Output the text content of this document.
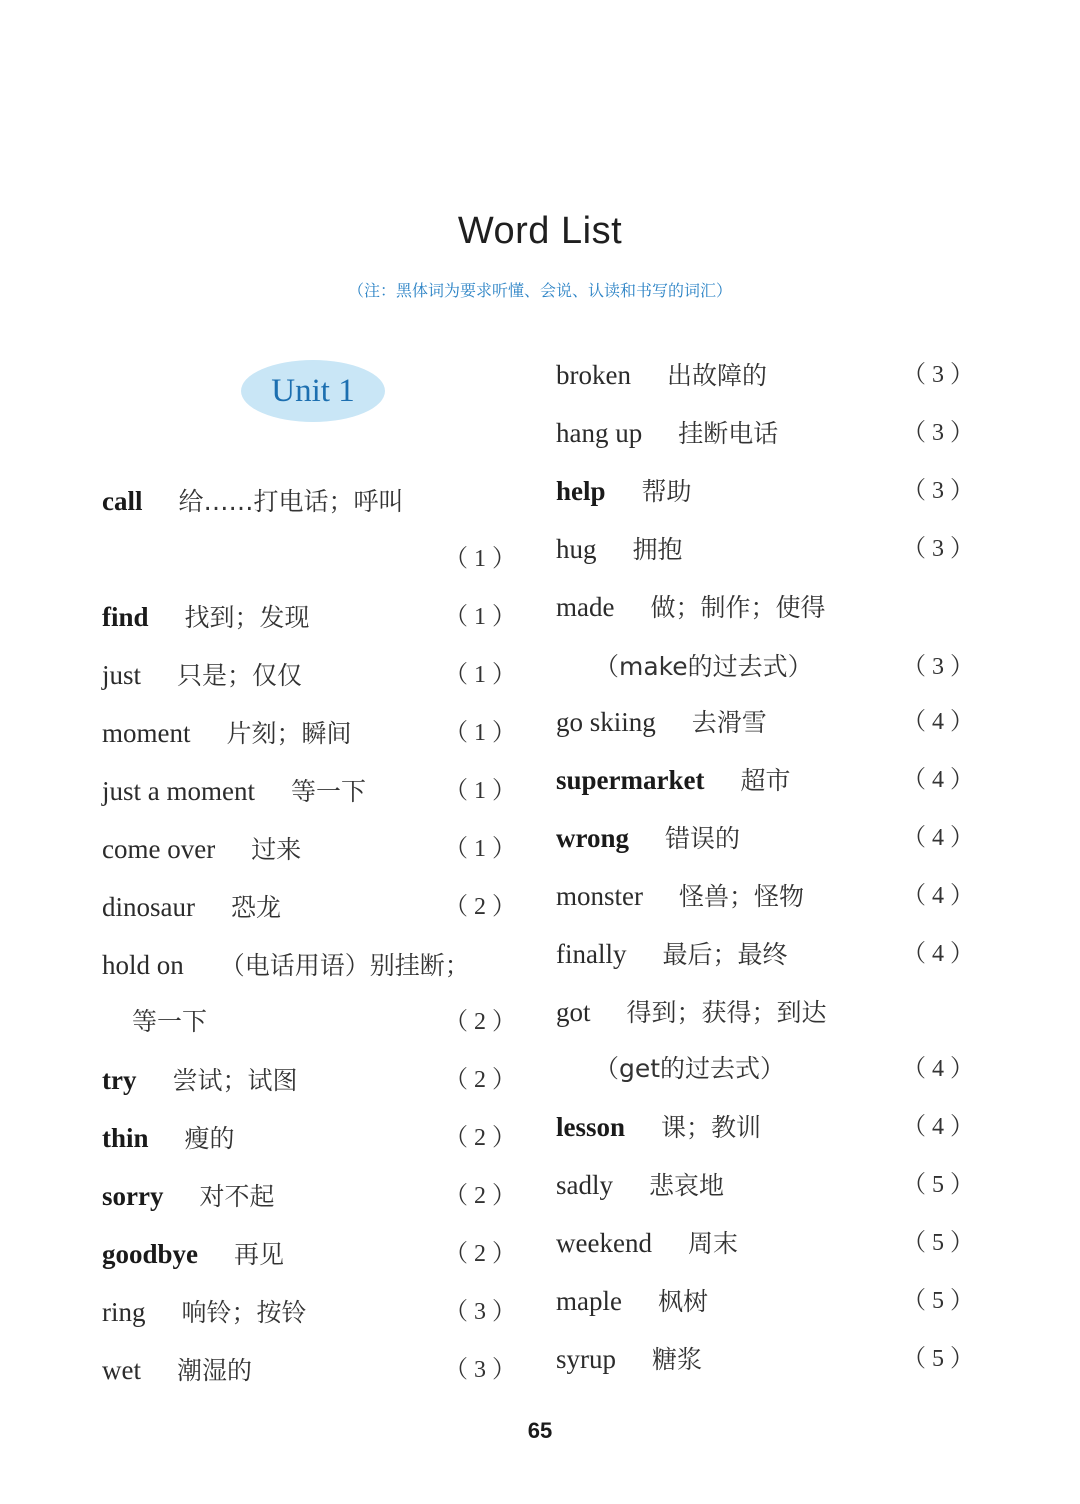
Word List
（注：黑体词为要求听懂、会说、认读和书写的词汇）
Unit 1
call 给……打电话；呼叫
（1）
find 找到；发现	（1）
just 只是；仅仅	（1）
moment 片刻；瞬间	（1）
just a moment 等一下	（1）
come over 过来	（1）
dinosaur 恐龙	（2）
hold on （电话用语）别挂断；
等一下	（2）
try 尝试；试图	（2）
thin 瘦的	（2）
sorry 对不起	（2）
goodbye 再见	（2）
ring 响铃；按铃	（3）
wet 潮湿的	（3）
broken 出故障的	（3）
hang up 挂断电话	（3）
help 帮助	（3）
hug 拥抱	（3）
made 做；制作；使得
（make的过去式）	（3）
go skiing 去滑雪	（4）
supermarket 超市	（4）
wrong 错误的	（4）
monster 怪兽；怪物	（4）
finally 最后；最终	（4）
got 得到；获得；到达
（get的过去式）	（4）
lesson 课；教训	（4）
sadly 悲哀地	（5）
weekend 周末	（5）
maple 枫树	（5）
syrup 糖浆	（5）
65
